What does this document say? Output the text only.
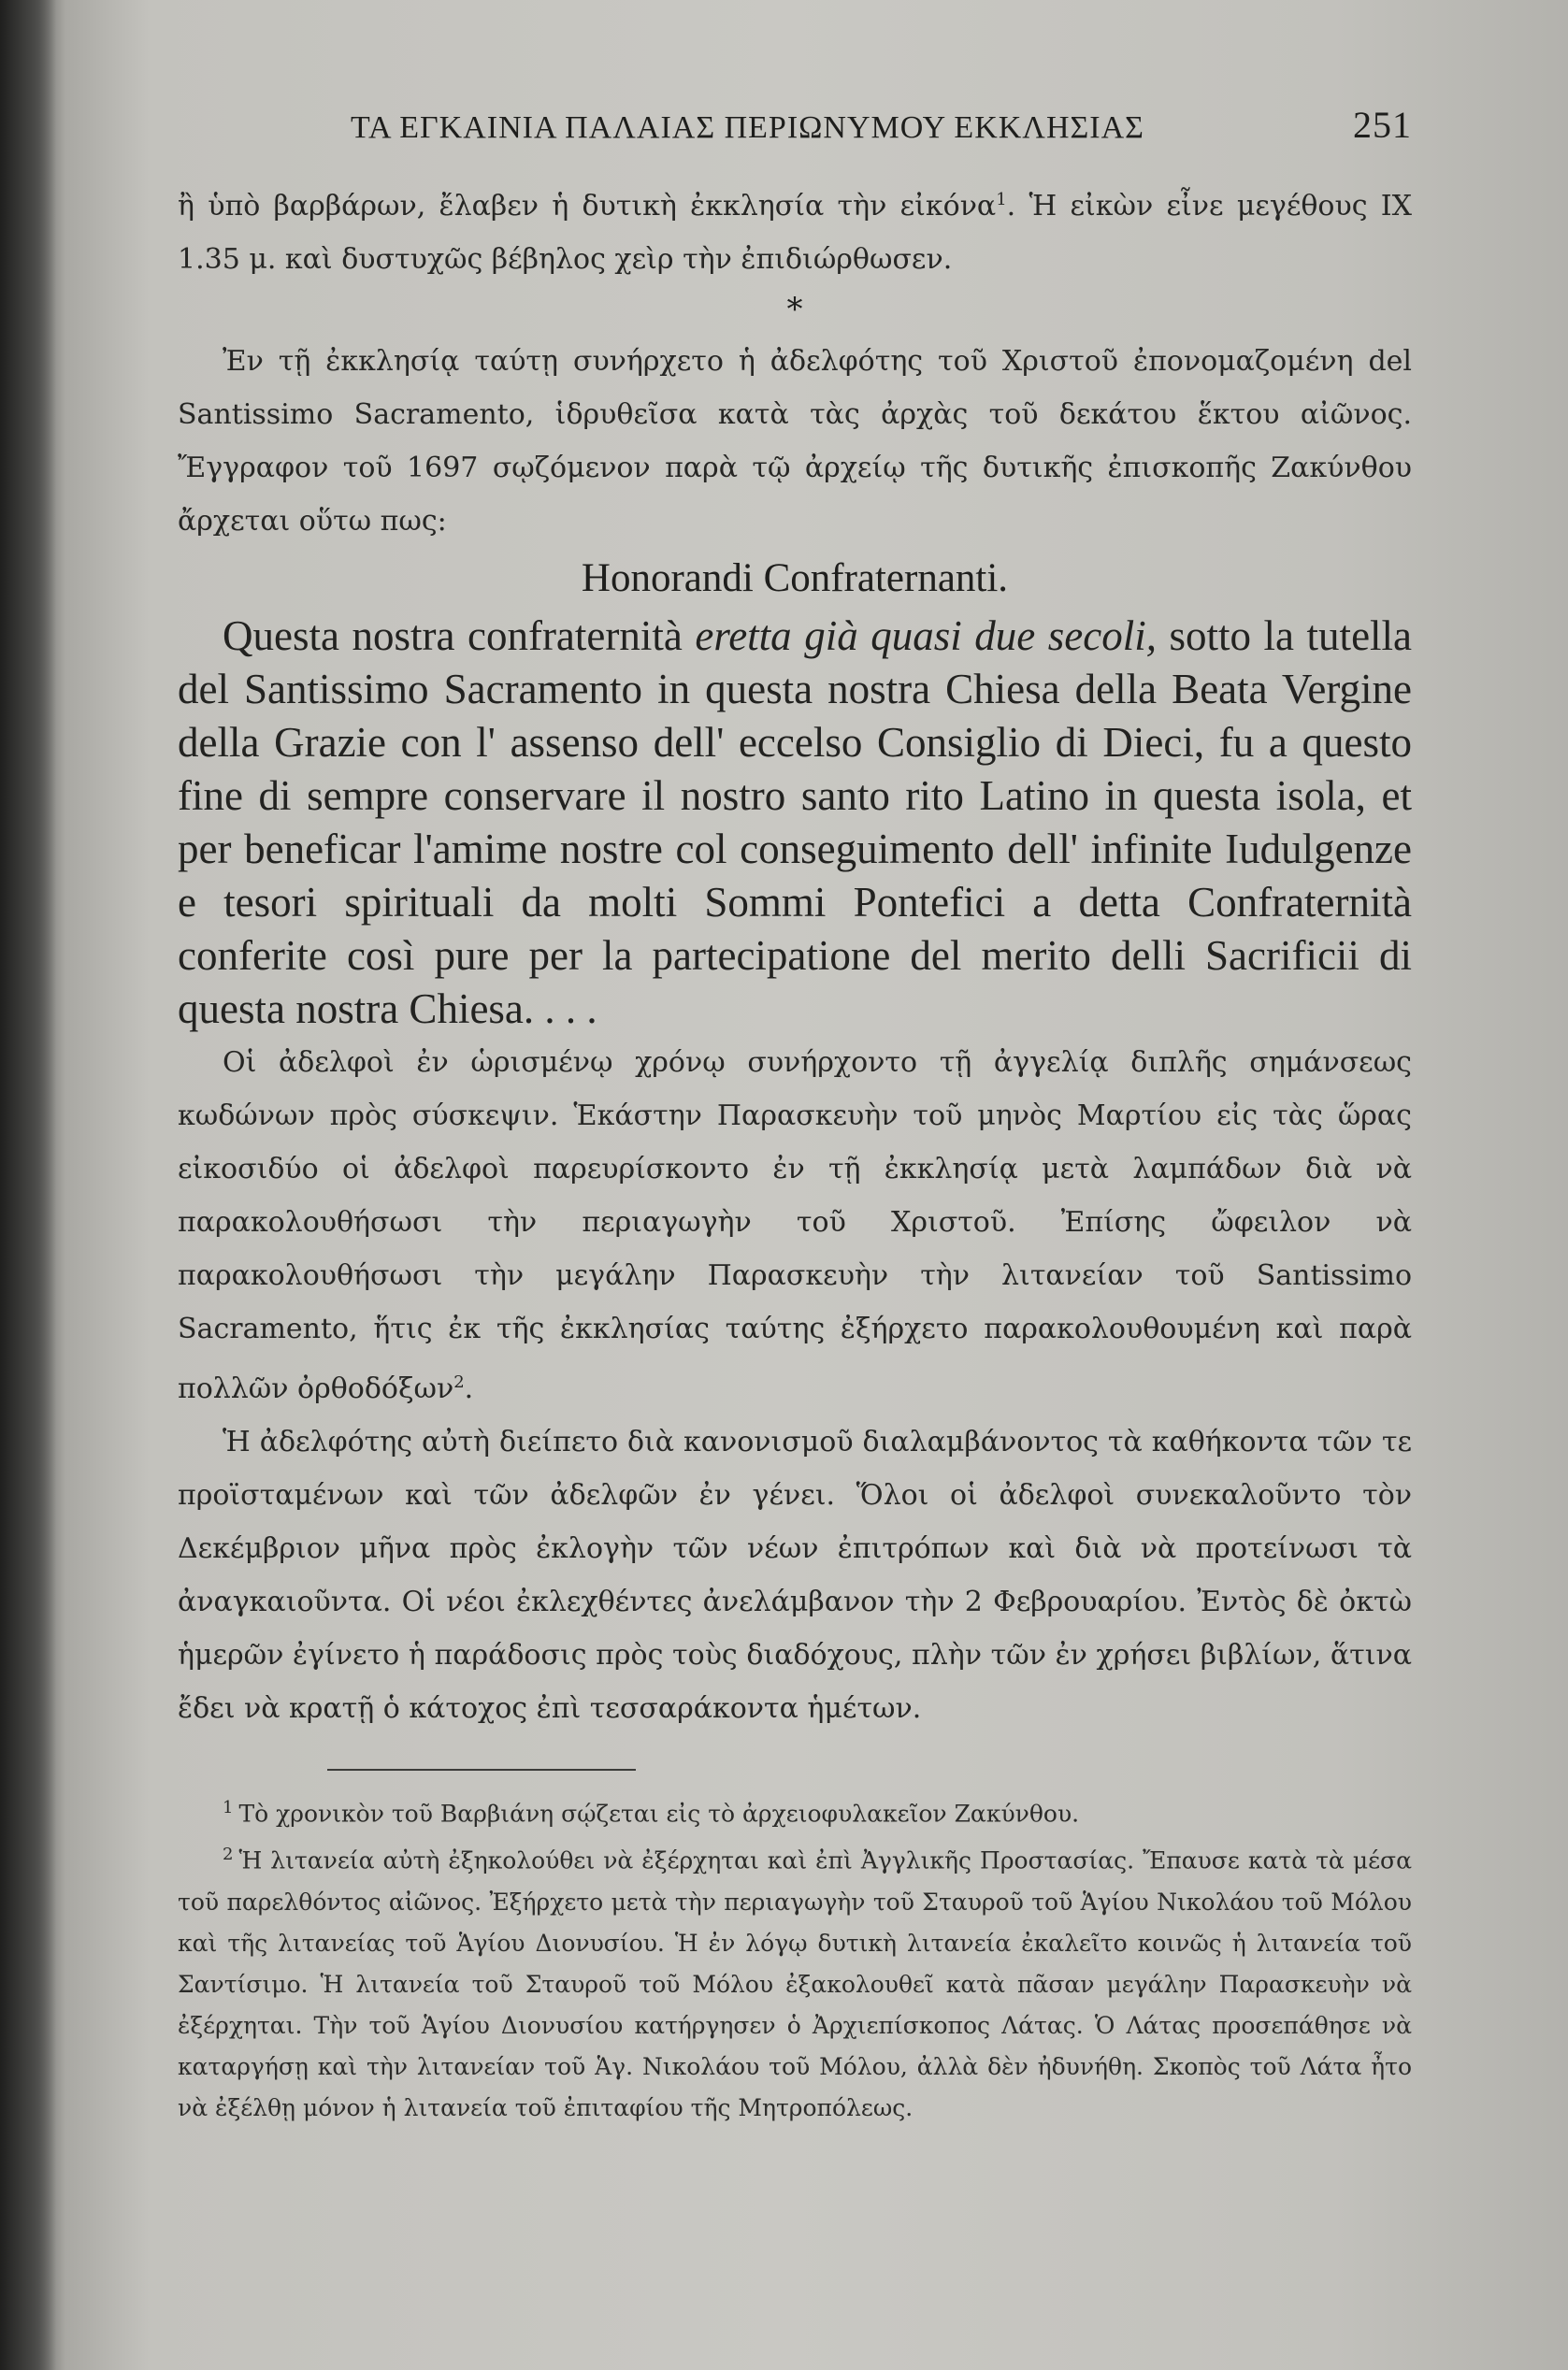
ΤΑ ΕΓΚΑΙΝΙΑ ΠΑΛΑΙΑΣ ΠΕΡΙΩΝΥΜΟΥ ΕΚΚΛΗΣΙΑΣ	251

ἢ ὑπὸ βαρβάρων, ἔλαβεν ἡ δυτικὴ ἐκκλησία τὴν εἰκόνα$^1$. Ἡ εἰκὼν εἶνε μεγέθους IX 1.35 μ. καὶ δυστυχῶς βέβηλος χεὶρ τὴν ἐπιδιώρθωσεν.

*

Ἐν τῇ ἐκκλησίᾳ ταύτῃ συνήρχετο ἡ ἀδελφότης τοῦ Χριστοῦ ἐπονομαζομένη del Santissimo Sacramento, ἱδρυθεῖσα κατὰ τὰς ἀρχὰς τοῦ δεκάτου ἕκτου αἰῶνος. Ἔγγραφον τοῦ 1697 σῳζόμενον παρὰ τῷ ἀρχείῳ τῆς δυτικῆς ἐπισκοπῆς Ζακύνθου ἄρχεται οὕτω πως:

Honorandi Confraternanti.

Questa nostra confraternità eretta già quasi due secoli, sotto la tutella del Santissimo Sacramento in questa nostra Chiesa della Beata Vergine della Grazie con l' assenso dell' eccelso Consiglio di Dieci, fu a questo fine di sempre conservare il nostro santo rito Latino in questa isola, et per beneficar l'amime nostre col conseguimento dell' infinite Iudulgenze e tesori spirituali da molti Sommi Pontefici a detta Confraternità conferite così pure per la partecipatione del merito delli Sacrificii di questa nostra Chiesa. . . .

Οἱ ἀδελφοὶ ἐν ὡρισμένῳ χρόνῳ συνήρχοντο τῇ ἀγγελίᾳ διπλῆς σημάνσεως κωδώνων πρὸς σύσκεψιν. Ἑκάστην Παρασκευὴν τοῦ μηνὸς Μαρτίου εἰς τὰς ὥρας εἰκοσιδύο οἱ ἀδελφοὶ παρευρίσκοντο ἐν τῇ ἐκκλησίᾳ μετὰ λαμπάδων διὰ νὰ παρακολουθήσωσι τὴν περιαγωγὴν τοῦ Χριστοῦ. Ἐπίσης ὤφειλον νὰ παρακολουθήσωσι τὴν μεγάλην Παρασκευὴν τὴν λιτανείαν τοῦ Santissimo Sacramento, ἥτις ἐκ τῆς ἐκκλησίας ταύτης ἐξήρχετο παρακολουθουμένη καὶ παρὰ πολλῶν ὀρθοδόξων$^2$.

Ἡ ἀδελφότης αὐτὴ διείπετο διὰ κανονισμοῦ διαλαμβάνοντος τὰ καθήκοντα τῶν τε προϊσταμένων καὶ τῶν ἀδελφῶν ἐν γένει. Ὅλοι οἱ ἀδελφοὶ συνεκαλοῦντο τὸν Δεκέμβριον μῆνα πρὸς ἐκλογὴν τῶν νέων ἐπιτρόπων καὶ διὰ νὰ προτείνωσι τὰ ἀναγκαιοῦντα. Οἱ νέοι ἐκλεχθέντες ἀνελάμβανον τὴν 2 Φεβρουαρίου. Ἐντὸς δὲ ὀκτὼ ἡμερῶν ἐγίνετο ἡ παράδοσις πρὸς τοὺς διαδόχους, πλὴν τῶν ἐν χρήσει βιβλίων, ἅτινα ἔδει νὰ κρατῇ ὁ κάτοχος ἐπὶ τεσσαράκοντα ἡμέτων.

$^1$ Τὸ χρονικὸν τοῦ Βαρβιάνη σῴζεται εἰς τὸ ἀρχειοφυλακεῖον Ζακύνθου.

$^2$ Ἡ λιτανεία αὐτὴ ἐξηκολούθει νὰ ἐξέρχηται καὶ ἐπὶ Ἀγγλικῆς Προστασίας. Ἔπαυσε κατὰ τὰ μέσα τοῦ παρελθόντος αἰῶνος. Ἐξήρχετο μετὰ τὴν περιαγωγὴν τοῦ Σταυροῦ τοῦ Ἁγίου Νικολάου τοῦ Μόλου καὶ τῆς λιτανείας τοῦ Ἁγίου Διονυσίου. Ἡ ἐν λόγῳ δυτικὴ λιτανεία ἐκαλεῖτο κοινῶς ἡ λιτανεία τοῦ Σαντίσιμο. Ἡ λιτανεία τοῦ Σταυροῦ τοῦ Μόλου ἐξακολουθεῖ κατὰ πᾶσαν μεγάλην Παρασκευὴν νὰ ἐξέρχηται. Τὴν τοῦ Ἁγίου Διονυσίου κατήργησεν ὁ Ἀρχιεπίσκοπος Λάτας. Ὁ Λάτας προσεπάθησε νὰ καταργήσῃ καὶ τὴν λιτανείαν τοῦ Ἁγ. Νικολάου τοῦ Μόλου, ἀλλὰ δὲν ἠδυνήθη. Σκοπὸς τοῦ Λάτα ἦτο νὰ ἐξέλθῃ μόνον ἡ λιτανεία τοῦ ἐπιταφίου τῆς Μητροπόλεως.
